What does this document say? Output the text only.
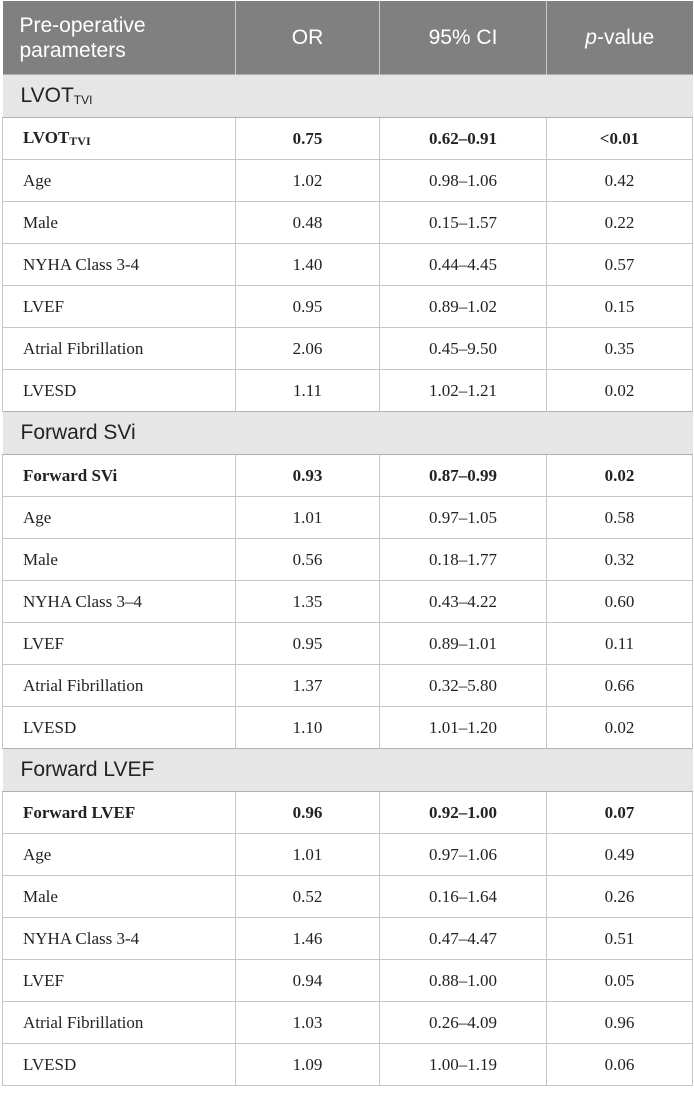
Pre-operative parameters	OR	95% CI	p-value
$LVOT_{TVI}$
$LVOT_{TVI}$	0.75	0.62–0.91	<0.01
Age	1.02	0.98–1.06	0.42
Male	0.48	0.15–1.57	0.22
NYHA Class 3-4	1.40	0.44–4.45	0.57
LVEF	0.95	0.89–1.02	0.15
Atrial Fibrillation	2.06	0.45–9.50	0.35
LVESD	1.11	1.02–1.21	0.02
Forward SVi			
Forward SVi	0.93	0.87–0.99	0.02
Age	1.01	0.97–1.05	0.58
Male	0.56	0.18–1.77	0.32
NYHA Class 3–4	1.35	0.43–4.22	0.60
LVEF	0.95	0.89–1.01	0.11
Atrial Fibrillation	1.37	0.32–5.80	0.66
LVESD	1.10	1.01–1.20	0.02
Forward LVEF			
Forward LVEF	0.96	0.92–1.00	0.07
Age	1.01	0.97–1.06	0.49
Male	0.52	0.16–1.64	0.26
NYHA Class 3-4	1.46	0.47–4.47	0.51
LVEF	0.94	0.88–1.00	0.05
Atrial Fibrillation	1.03	0.26–4.09	0.96
LVESD	1.09	1.00–1.19	0.06
